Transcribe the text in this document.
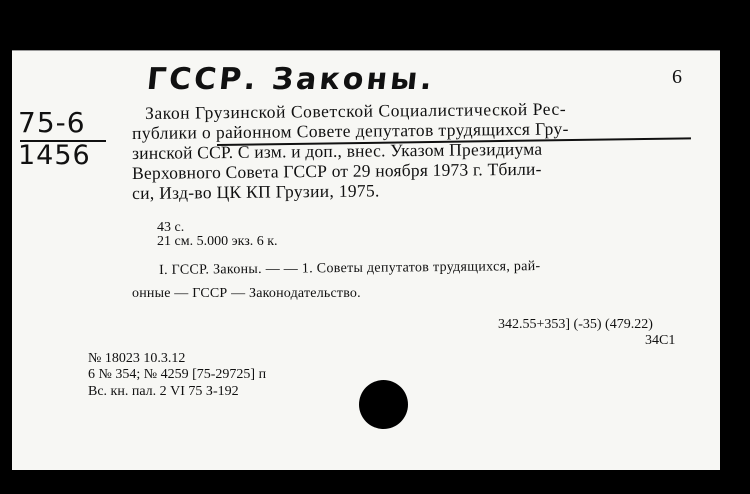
ГССР. Законы.	6
75-6
1456
Закон Грузинской Советской Социалистической Рес-
публики о районном Совете депутатов трудящихся Гру-
зинской ССР. С изм. и доп., внес. Указом Президиума
Верховного Совета ГССР от 29 ноября 1973 г. Тбили-
си, Изд-во ЦК КП Грузии, 1975.
43 с.
21 см. 5.000 экз. 6 к.
I. ГССР. Законы. — — 1. Советы депутатов трудящихся, рай-
онные — ГССР — Законодательство.
342.55+353] (-35) (479.22)
34C1
№ 18023 10.3.12
6 № 354; № 4259 [75-29725] п
Вс. кн. пал. 2 VI 75 З-192
